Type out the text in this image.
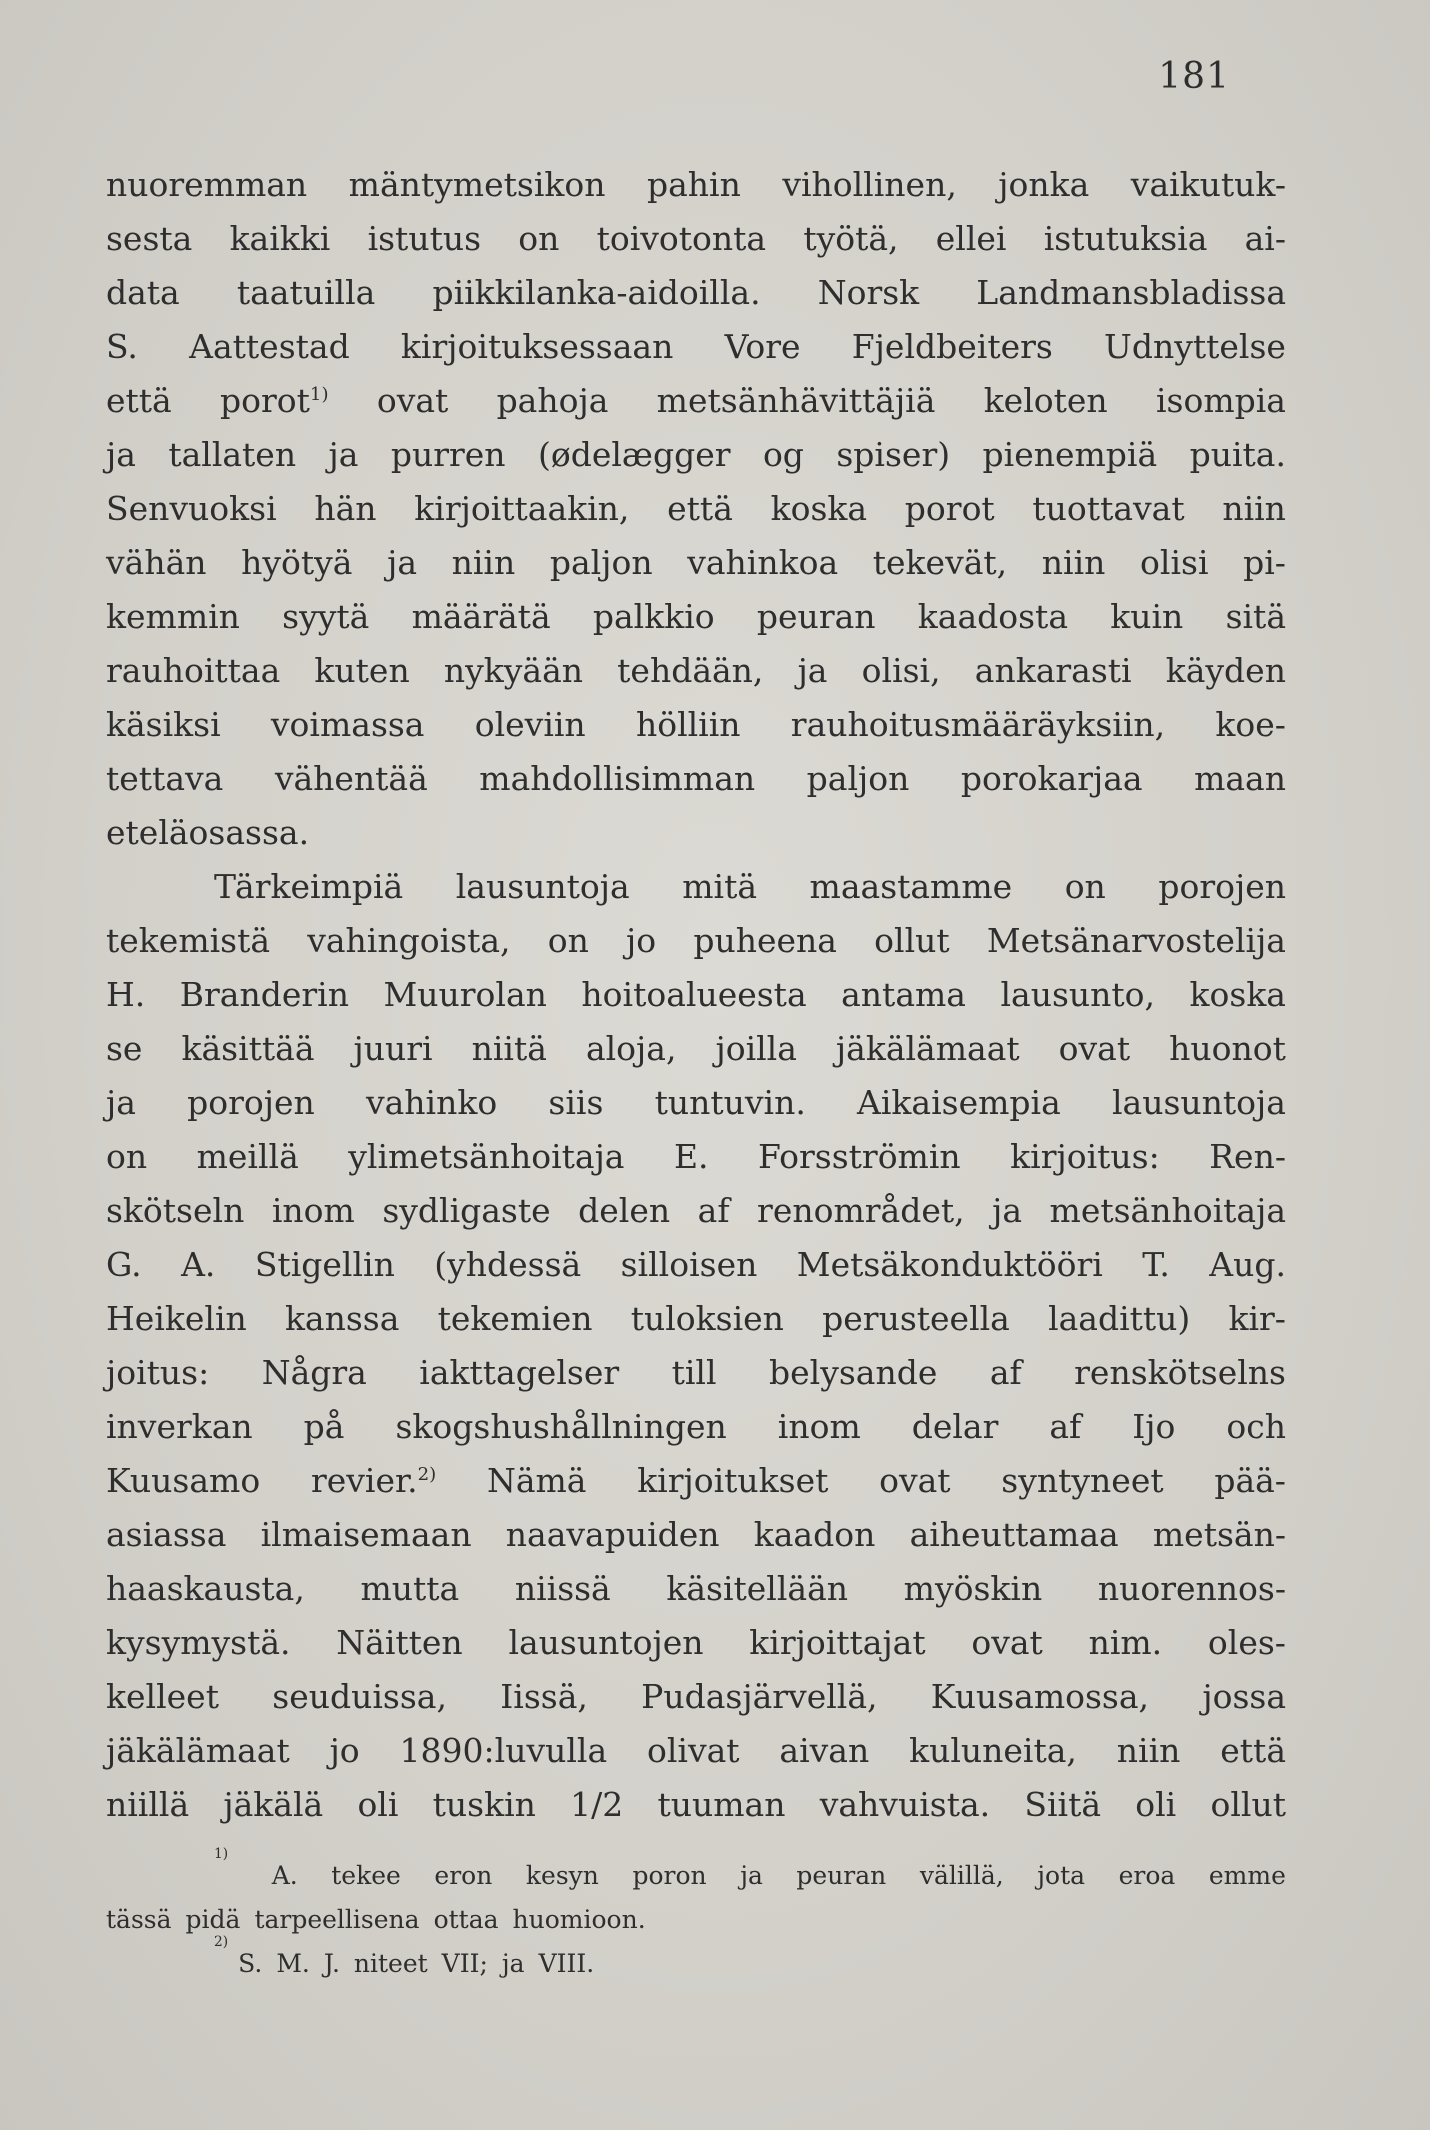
181
nuoremman mäntymetsikon pahin vihollinen, jonka vaikutuk-
sesta kaikki istutus on toivotonta työtä, ellei istutuksia ai-
data taatuilla piikkilanka-aidoilla. Norsk Landmansbladissa
S. Aattestad kirjoituksessaan Vore Fjeldbeiters Udnyttelse
että porot$^{1)}$ ovat pahoja metsänhävittäjiä keloten isompia
ja tallaten ja purren (ødelægger og spiser) pienempiä puita.
Senvuoksi hän kirjoittaakin, että koska porot tuottavat niin
vähän hyötyä ja niin paljon vahinkoa tekevät, niin olisi pi-
kemmin syytä määrätä palkkio peuran kaadosta kuin sitä
rauhoittaa kuten nykyään tehdään, ja olisi, ankarasti käyden
käsiksi voimassa oleviin hölliin rauhoitusmääräyksiin, koe-
tettava vähentää mahdollisimman paljon porokarjaa maan
eteläosassa.
Tärkeimpiä lausuntoja mitä maastamme on porojen
tekemistä vahingoista, on jo puheena ollut Metsänarvostelija
H. Branderin Muurolan hoitoalueesta antama lausunto, koska
se käsittää juuri niitä aloja, joilla jäkälämaat ovat huonot
ja porojen vahinko siis tuntuvin. Aikaisempia lausuntoja
on meillä ylimetsänhoitaja E. Forsströmin kirjoitus: Ren-
skötseln inom sydligaste delen af renområdet, ja metsänhoitaja
G. A. Stigellin (yhdessä silloisen Metsäkonduktööri T. Aug.
Heikelin kanssa tekemien tuloksien perusteella laadittu) kir-
joitus: Några iakttagelser till belysande af renskötselns
inverkan på skogshushållningen inom delar af Ijo och
Kuusamo revier.$^{2)}$ Nämä kirjoitukset ovat syntyneet pää-
asiassa ilmaisemaan naavapuiden kaadon aiheuttamaa metsän-
haaskausta, mutta niissä käsitellään myöskin nuorennos-
kysymystä. Näitten lausuntojen kirjoittajat ovat nim. oles-
kelleet seuduissa, Iissä, Pudasjärvellä, Kuusamossa, jossa
jäkälämaat jo 1890:luvulla olivat aivan kuluneita, niin että
niillä jäkälä oli tuskin 1/2 tuuman vahvuista. Siitä oli ollut
1)
A. tekee eron kesyn poron ja peuran välillä, jota eroa emme
tässä pidä tarpeellisena ottaa huomioon.
2)
S. M. J. niteet VII; ja VIII.
